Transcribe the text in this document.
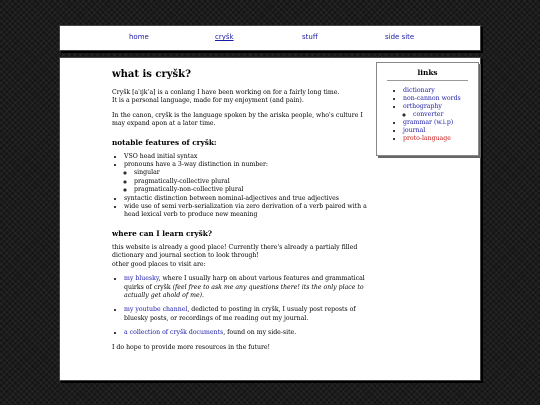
home	cryšk	stuff	side site
what is cryšk?

Cryšk [aˈɪjkʼa] is a conlang I have been working on for a fairly long time.
It is a personal language, made for my enjoyment (and pain).

In the canon, cryšk is the language spoken by the ariska people, who's culture I may expand apon at a later time.

notable features of cryšk:
• VSO head initial syntax
• pronouns have a 3-way distinction in number:
◦ singular
◦ pragmatically-collective plural
◦ pragmatically-non-collective plural
• syntactic distinction between nominal-adjectives and true adjectives
• wide use of semi verb-serialization via zero derivation of a verb paired with a head lexical verb to produce new meaning
where can I learn cryšk?

this website is already a good place! Currently there's already a partialy filled dictionary and journal section to look through!
other good places to visit are:

• my bluesky, where I usually harp on about various features and grammatical quirks of cryšk (feel free to ask me any questions there! its the only place to actually get ahold of me).
• my youtube channel, dedicted to posting in cryšk, I usualy post reposts of bluesky posts, or recordings of me reading out my journal.
• a collection of cryšk documents, found on my side-site.

I do hope to provide more resources in the future!

links
• dictionary
• non-cannon words
• orthography
◦ converter
• grammar (w.i.p)
• journal
• proto-language
